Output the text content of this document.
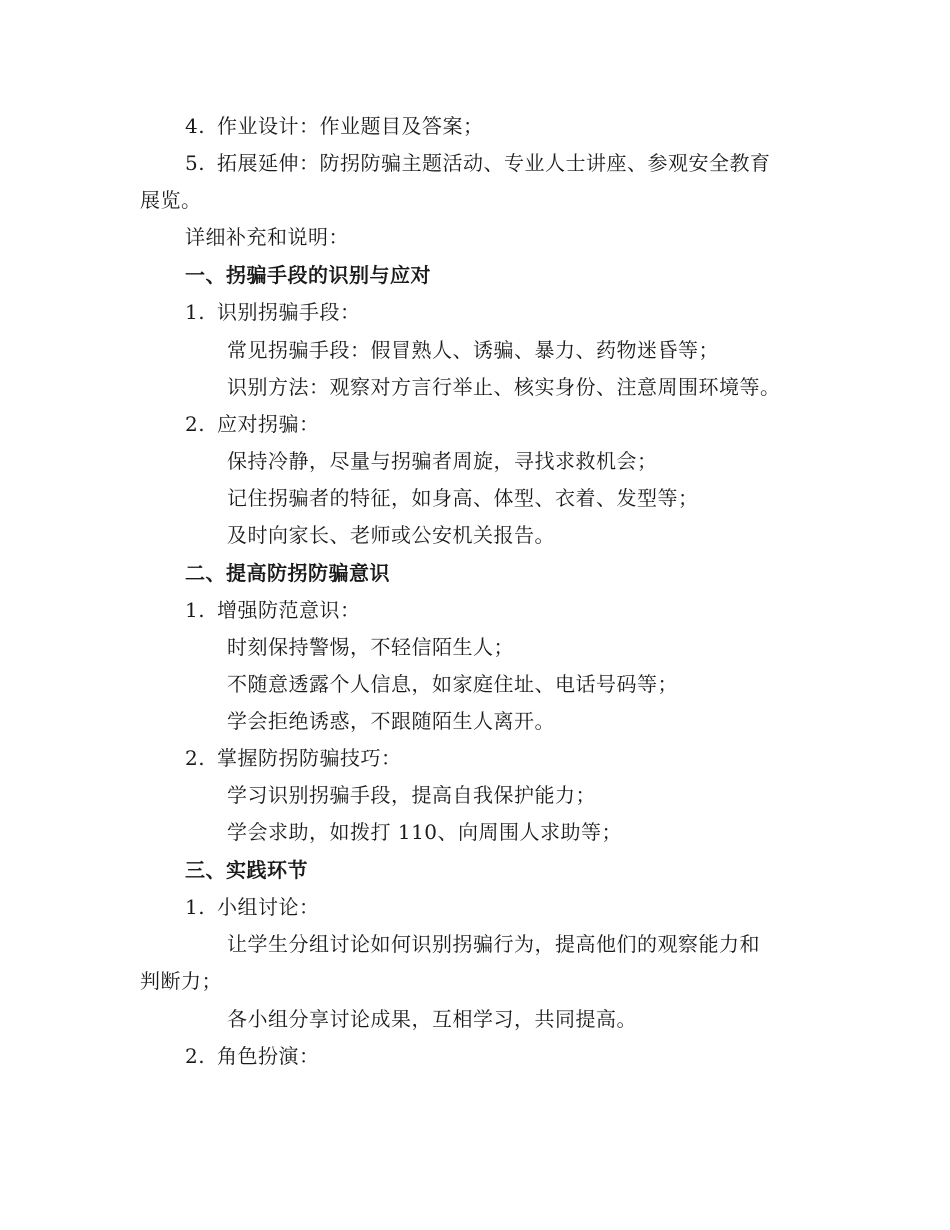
4. 作业设计：作业题目及答案；
5. 拓展延伸：防拐防骗主题活动、专业人士讲座、参观安全教育
展览。
详细补充和说明：
一、拐骗手段的识别与应对
1. 识别拐骗手段：
常见拐骗手段：假冒熟人、诱骗、暴力、药物迷昏等；
识别方法：观察对方言行举止、核实身份、注意周围环境等。
2. 应对拐骗：
保持冷静，尽量与拐骗者周旋，寻找求救机会；
记住拐骗者的特征，如身高、体型、衣着、发型等；
及时向家长、老师或公安机关报告。
二、提高防拐防骗意识
1. 增强防范意识：
时刻保持警惕，不轻信陌生人；
不随意透露个人信息，如家庭住址、电话号码等；
学会拒绝诱惑，不跟随陌生人离开。
2. 掌握防拐防骗技巧：
学习识别拐骗手段，提高自我保护能力；
学会求助，如拨打 110、向周围人求助等；
三、实践环节
1. 小组讨论：
让学生分组讨论如何识别拐骗行为，提高他们的观察能力和
判断力；
各小组分享讨论成果，互相学习，共同提高。
2. 角色扮演：
